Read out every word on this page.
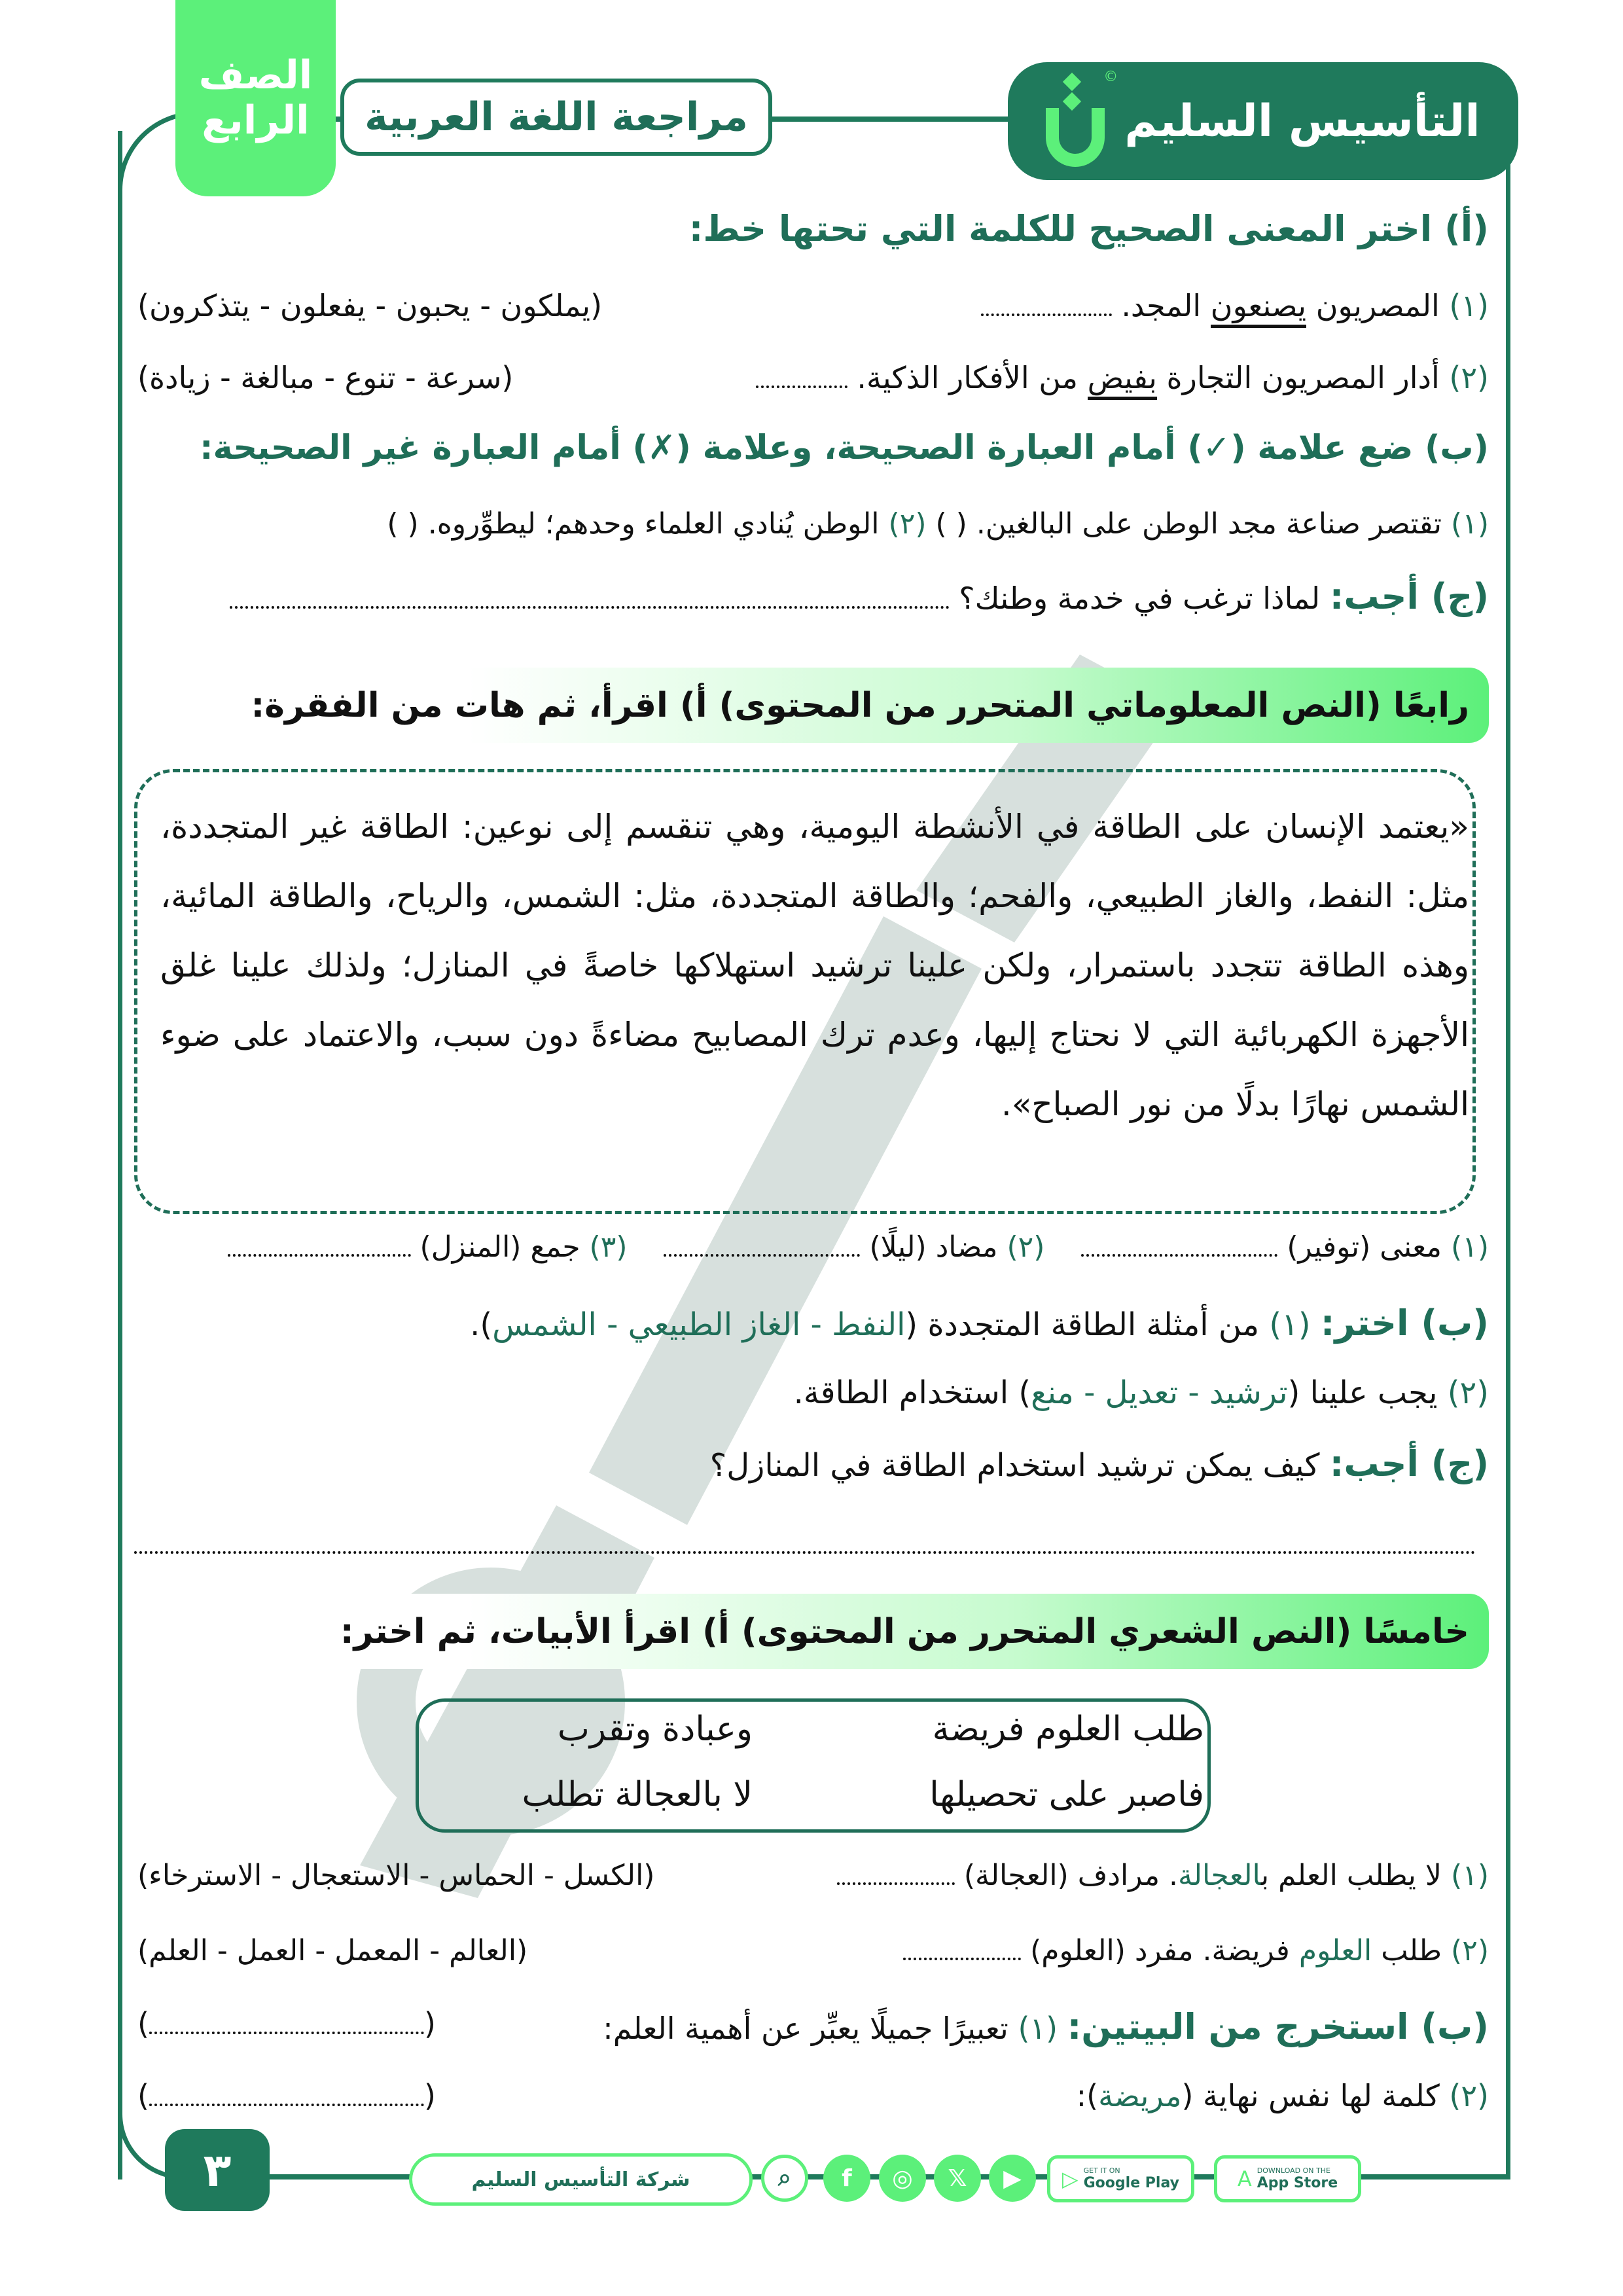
التأسيس السليم
©
مراجعة اللغة العربية
الصف
الرابع
(أ) اختر المعنى الصحيح للكلمة التي تحتها خط:
(١) المصريون يصنعون المجد.
(يملكون - يحبون - يفعلون - يتذكرون)
(٢) أدار المصريون التجارة بفيض من الأفكار الذكية.
(سرعة - تنوع - مبالغة - زيادة)
(ب) ضع علامة (✓) أمام العبارة الصحيحة، وعلامة (✗) أمام العبارة غير الصحيحة:
(١) تقتصر صناعة مجد الوطن على البالغين. ( ) (٢) الوطن يُنادي العلماء وحدهم؛ ليطوِّروه. ( )
(ج) أجب: لماذا ترغب في خدمة وطنك؟
رابعًا (النص المعلوماتي المتحرر من المحتوى) أ) اقرأ، ثم هات من الفقرة:
«يعتمد الإنسان على الطاقة في الأنشطة اليومية، وهي تنقسم إلى نوعين: الطاقة غير المتجددة، مثل: النفط، والغاز الطبيعي، والفحم؛ والطاقة المتجددة، مثل: الشمس، والرياح، والطاقة المائية، وهذه الطاقة تتجدد باستمرار، ولكن علينا ترشيد استهلاكها خاصةً في المنازل؛ ولذلك علينا غلق الأجهزة الكهربائية التي لا نحتاج إليها، وعدم ترك المصابيح مضاءةً دون سبب، والاعتماد على ضوء الشمس نهارًا بدلًا من نور الصباح».
(١) معنى (توفير)     (٢) مضاد (ليلًا)     (٣) جمع (المنزل)
(ب) اختر: (١) من أمثلة الطاقة المتجددة (النفط - الغاز الطبيعي - الشمس).
(٢) يجب علينا (ترشيد - تعديل - منع) استخدام الطاقة.
(ج) أجب: كيف يمكن ترشيد استخدام الطاقة في المنازل؟
خامسًا (النص الشعري المتحرر من المحتوى) أ) اقرأ الأبيات، ثم اختر:
طلب العلوم فريضة
وعبادة وتقرب
فاصبر على تحصيلها
لا بالعجالة تطلب
(١) لا يطلب العلم بالعجالة. مرادف (العجالة)
(الكسل - الحماس - الاستعجال - الاسترخاء)
(٢) طلب العلوم فريضة. مفرد (العلوم)
(العالم - المعمل - العمل - العلم)
(ب) استخرج من البيتين: (١) تعبيرًا جميلًا يعبِّر عن أهمية العلم:
(	)
(٢) كلمة لها نفس نهاية (مريضة):
(	)
٣	شركة التأسيس السليم	⌕	f	◎	𝕏	▶	▷ GET IT ON
Google Play	A DOWNLOAD ON THE
App Store
